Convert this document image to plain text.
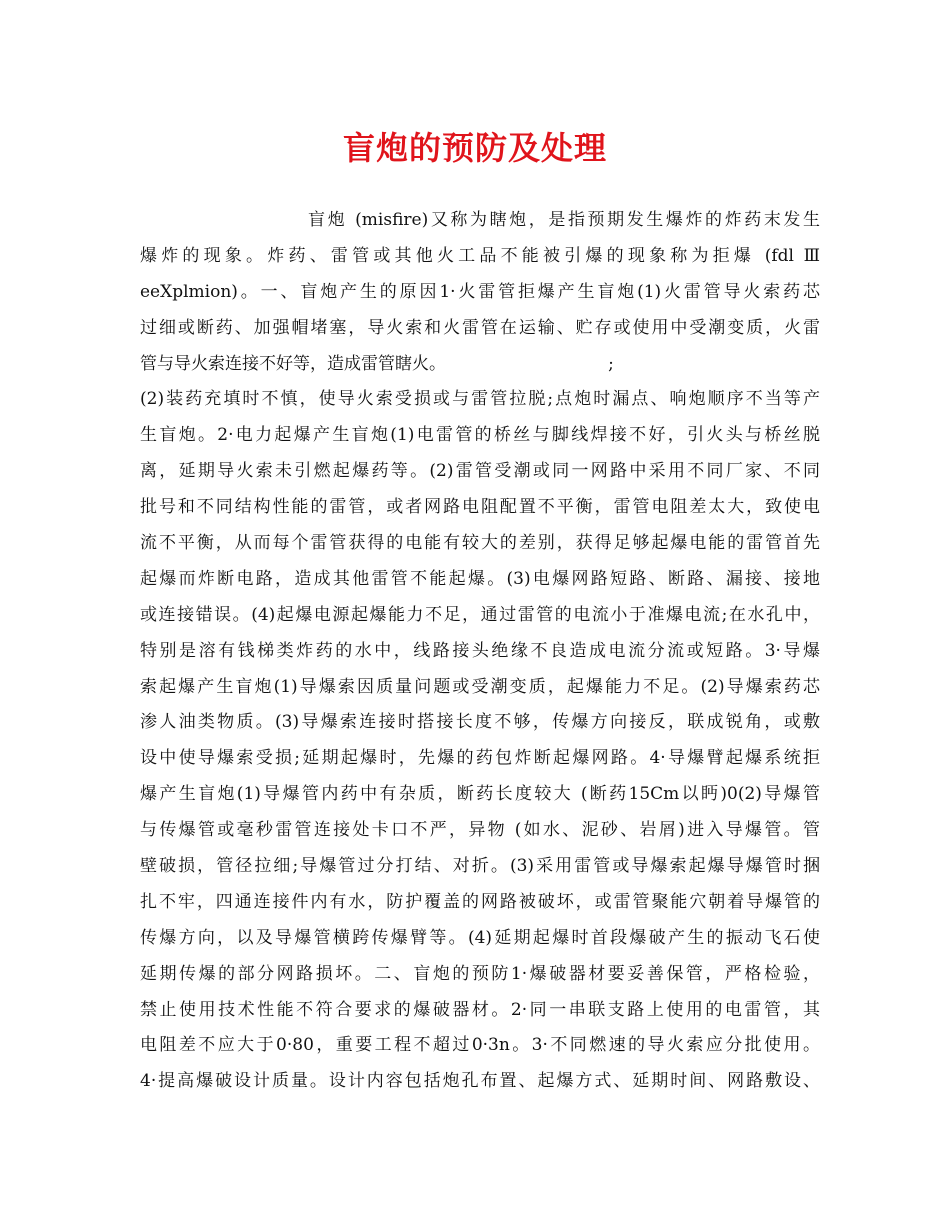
盲炮的预防及处理
盲炮 (misfire)又称为瞎炮，是指预期发生爆炸的炸药末发生
爆炸的现象。炸药、雷管或其他火工品不能被引爆的现象称为拒爆 (fdl Ⅲ
eeXplmion)。一、盲炮产生的原因1·火雷管拒爆产生盲炮(1)火雷管导火索药芯
过细或断药、加强帽堵塞，导火索和火雷管在运输、贮存或使用中受潮变质，火雷
管与导火索连接不好等，造成雷管瞎火。                              ;
(2)装药充填时不慎，使导火索受损或与雷管拉脱;点炮时漏点、响炮顺序不当等产
生盲炮。2·电力起爆产生盲炮(1)电雷管的桥丝与脚线焊接不好，引火头与桥丝脱
离，延期导火索未引燃起爆药等。(2)雷管受潮或同一网路中采用不同厂家、不同
批号和不同结构性能的雷管，或者网路电阻配置不平衡，雷管电阻差太大，致使电
流不平衡，从而每个雷管获得的电能有较大的差别，获得足够起爆电能的雷管首先
起爆而炸断电路，造成其他雷管不能起爆。(3)电爆网路短路、断路、漏接、接地
或连接错误。(4)起爆电源起爆能力不足，通过雷管的电流小于准爆电流;在水孔中，
特别是溶有钱梯类炸药的水中，线路接头绝缘不良造成电流分流或短路。3·导爆
索起爆产生盲炮(1)导爆索因质量问题或受潮变质，起爆能力不足。(2)导爆索药芯
渗人油类物质。(3)导爆索连接时搭接长度不够，传爆方向接反，联成锐角，或敷
设中使导爆索受损;延期起爆时，先爆的药包炸断起爆网路。4·导爆臂起爆系统拒
爆产生盲炮(1)导爆管内药中有杂质，断药长度较大 (断药15Cm以眄)0(2)导爆管
与传爆管或毫秒雷管连接处卡口不严，异物 (如水、泥砂、岩屑)进入导爆管。管
壁破损，管径拉细;导爆管过分打结、对折。(3)采用雷管或导爆索起爆导爆管时捆
扎不牢，四通连接件内有水，防护覆盖的网路被破坏，或雷管聚能穴朝着导爆管的
传爆方向，以及导爆管横跨传爆臂等。(4)延期起爆时首段爆破产生的振动飞石使
延期传爆的部分网路损坏。二、盲炮的预防1·爆破器材要妥善保管，严格检验，
禁止使用技术性能不符合要求的爆破器材。2·同一串联支路上使用的电雷管，其
电阻差不应大于0·80，重要工程不超过0·3n。3·不同燃速的导火索应分批使用。
4·提高爆破设计质量。设计内容包括炮孔布置、起爆方式、延期时间、网路敷设、
